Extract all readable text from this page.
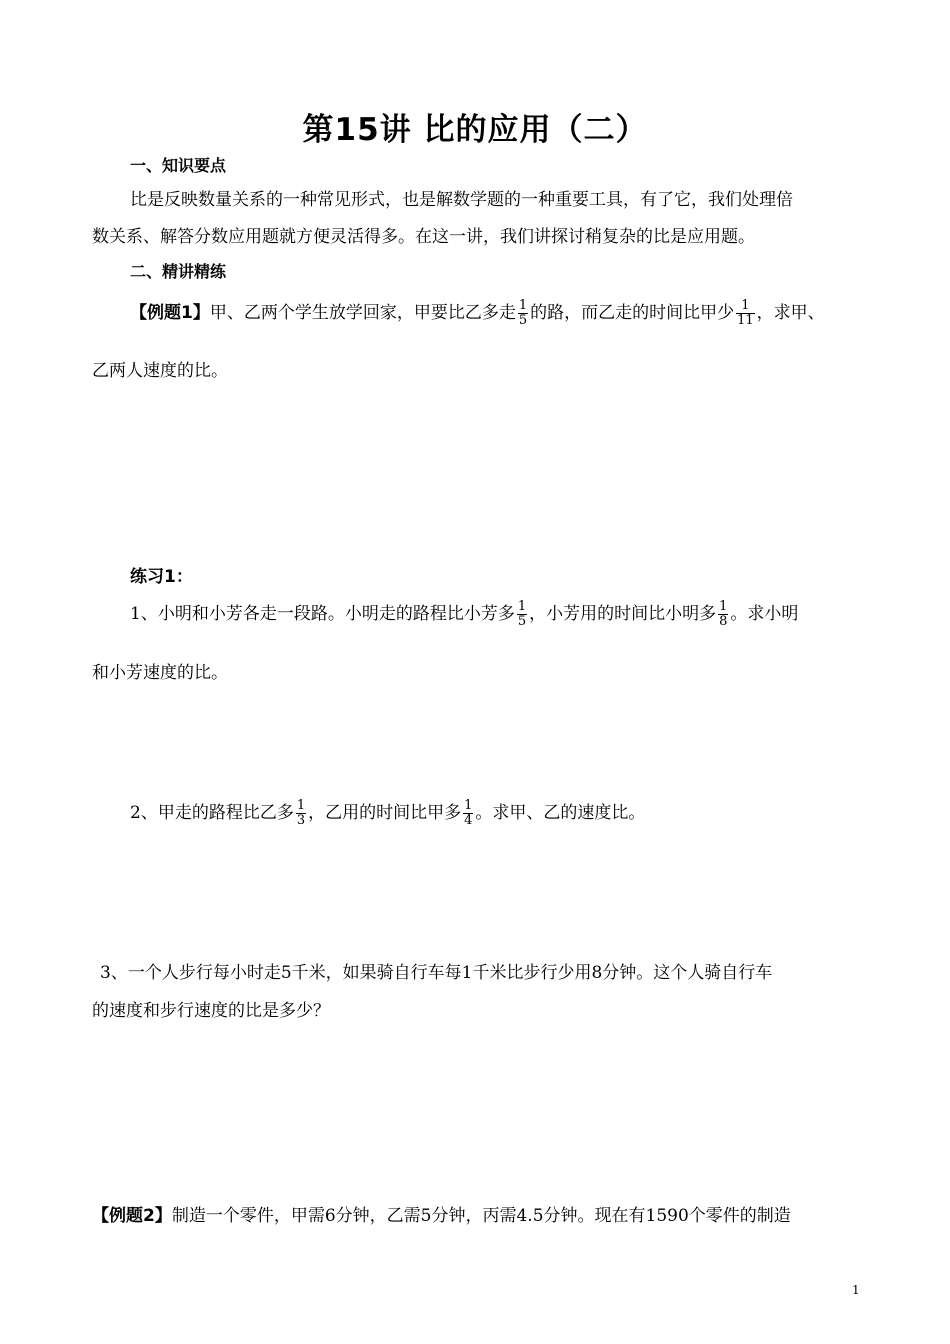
第15讲 比的应用（二）
一、知识要点
比是反映数量关系的一种常见形式，也是解数学题的一种重要工具，有了它，我们处理倍
数关系、解答分数应用题就方便灵活得多。在这一讲，我们讲探讨稍复杂的比是应用题。
二、精讲精练
【例题1】甲、乙两个学生放学回家，甲要比乙多走 $\frac{1}{5}$ 的路，而乙走的时间比甲少 $\frac{1}{11}$ ，求甲、
乙两人速度的比。
练习1：
1、小明和小芳各走一段路。小明走的路程比小芳多 $\frac{1}{5}$ ，小芳用的时间比小明多 $\frac{1}{8}$ 。求小明
和小芳速度的比。
2、甲走的路程比乙多 $\frac{1}{3}$ ，乙用的时间比甲多 $\frac{1}{4}$ 。求甲、乙的速度比。
3、一个人步行每小时走5千米，如果骑自行车每1千米比步行少用8分钟。这个人骑自行车
的速度和步行速度的比是多少？
【例题2】制造一个零件，甲需6分钟，乙需5分钟，丙需4.5分钟。现在有1590个零件的制造
1
